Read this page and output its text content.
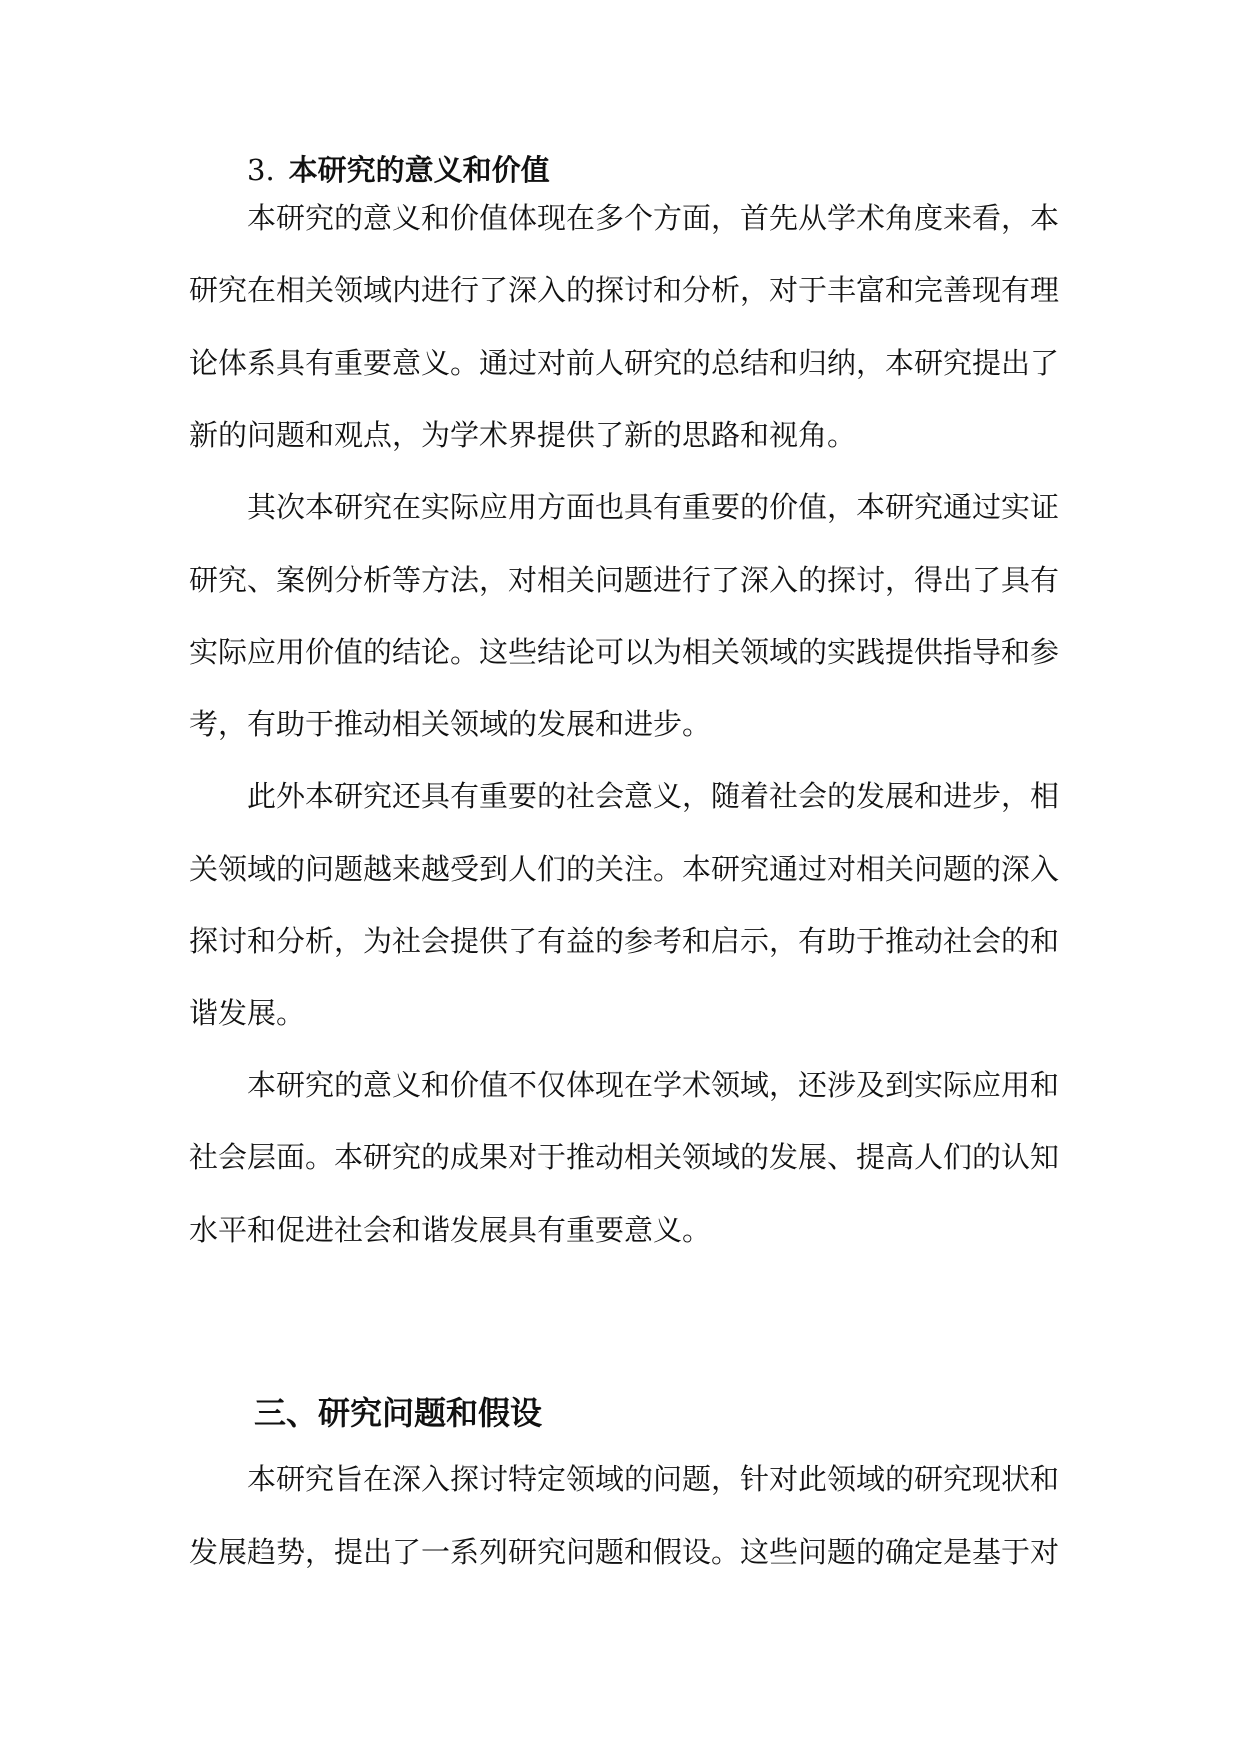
3. 本研究的意义和价值
本研究的意义和价值体现在多个方面，首先从学术角度来看，本
研究在相关领域内进行了深入的探讨和分析，对于丰富和完善现有理
论体系具有重要意义。通过对前人研究的总结和归纳，本研究提出了
新的问题和观点，为学术界提供了新的思路和视角。
其次本研究在实际应用方面也具有重要的价值，本研究通过实证
研究、案例分析等方法，对相关问题进行了深入的探讨，得出了具有
实际应用价值的结论。这些结论可以为相关领域的实践提供指导和参
考，有助于推动相关领域的发展和进步。
此外本研究还具有重要的社会意义，随着社会的发展和进步，相
关领域的问题越来越受到人们的关注。本研究通过对相关问题的深入
探讨和分析，为社会提供了有益的参考和启示，有助于推动社会的和
谐发展。
本研究的意义和价值不仅体现在学术领域，还涉及到实际应用和
社会层面。本研究的成果对于推动相关领域的发展、提高人们的认知
水平和促进社会和谐发展具有重要意义。
三、研究问题和假设
本研究旨在深入探讨特定领域的问题，针对此领域的研究现状和
发展趋势，提出了一系列研究问题和假设。这些问题的确定是基于对
